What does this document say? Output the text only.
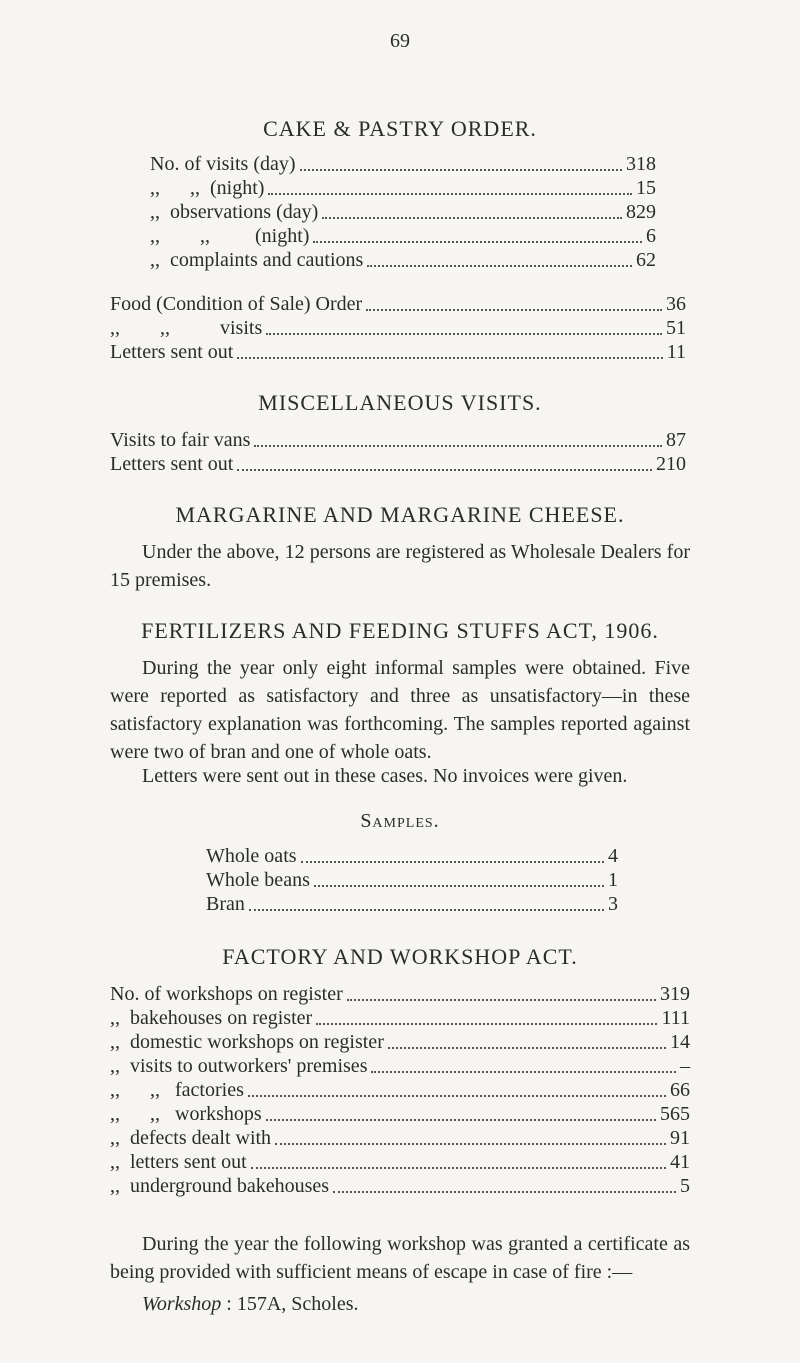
69
CAKE & PASTRY ORDER.
No. of visits (day)	318
,,      ,,  (night)	15
,,  observations (day)	829
,,        ,,         (night)	6
,,  complaints and cautions	62
Food (Condition of Sale) Order	36
,,        ,,          visits	51
Letters sent out	11
MISCELLANEOUS VISITS.
Visits to fair vans	87
Letters sent out	210
MARGARINE AND MARGARINE CHEESE.

Under the above, 12 persons are registered as Wholesale Dealers for 15 premises.

FERTILIZERS AND FEEDING STUFFS ACT, 1906.

During the year only eight informal samples were obtained. Five were reported as satisfactory and three as unsatisfactory—in these satisfactory explanation was forthcoming. The samples reported against were two of bran and one of whole oats.

Letters were sent out in these cases. No invoices were given.

Samples.
Whole oats	4
Whole beans	1
Bran	3
FACTORY AND WORKSHOP ACT.
No. of workshops on register	319
,,  bakehouses on register	111
,,  domestic workshops on register	14
,,  visits to outworkers' premises	–
,,      ,,   factories	66
,,      ,,   workshops	565
,,  defects dealt with	91
,,  letters sent out	41
,,  underground bakehouses	5

During the year the following workshop was granted a certificate as being provided with sufficient means of escape in case of fire :—

Workshop : 157A, Scholes.
